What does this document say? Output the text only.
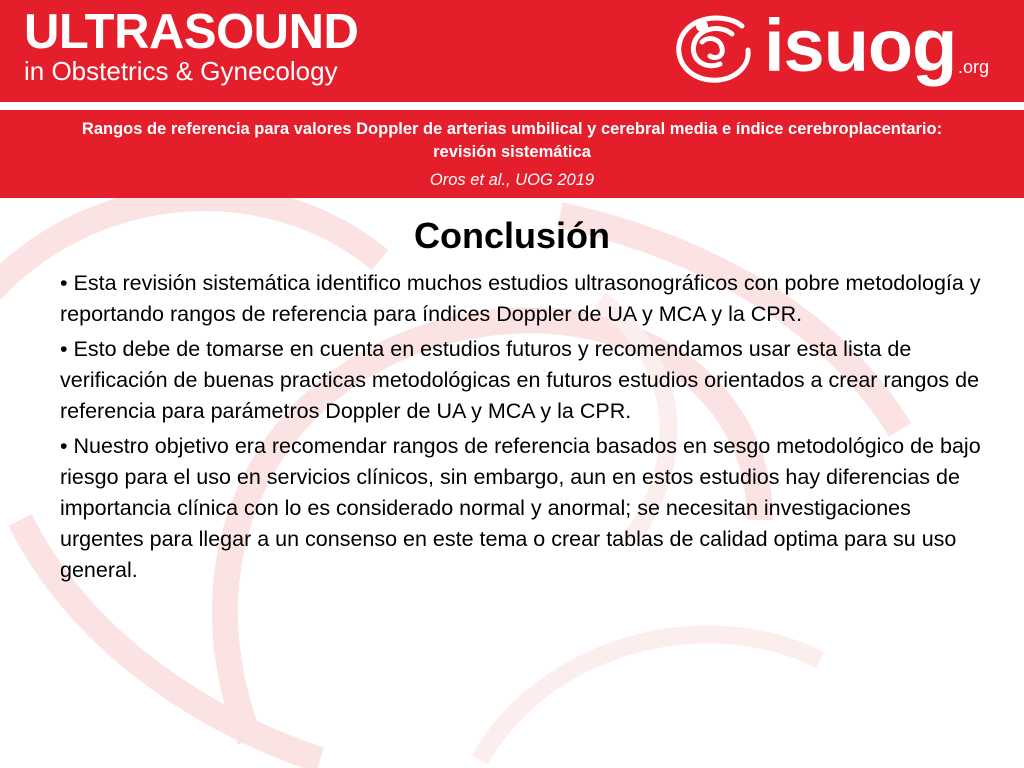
ULTRASOUND
in Obstetrics & Gynecology	isuog .org
Rangos de referencia para valores Doppler de arterias umbilical y cerebral media e índice cerebroplacentario: revisión sistemática
Oros et al., UOG 2019
Conclusión
• Esta revisión sistemática identifico muchos estudios ultrasonográficos con pobre metodología y reportando rangos de referencia para índices Doppler de UA y MCA y la CPR.
• Esto debe de tomarse en cuenta en estudios futuros y recomendamos usar esta lista de verificación de buenas practicas metodológicas en futuros estudios orientados a crear rangos de referencia para parámetros Doppler de UA y MCA y la CPR.
• Nuestro objetivo era recomendar rangos de referencia basados en sesgo metodológico de bajo riesgo para el uso en servicios clínicos, sin embargo, aun en estos estudios hay diferencias de importancia clínica con lo es considerado normal y anormal; se necesitan investigaciones urgentes para llegar a un consenso en este tema o crear tablas de calidad optima para su uso general.
